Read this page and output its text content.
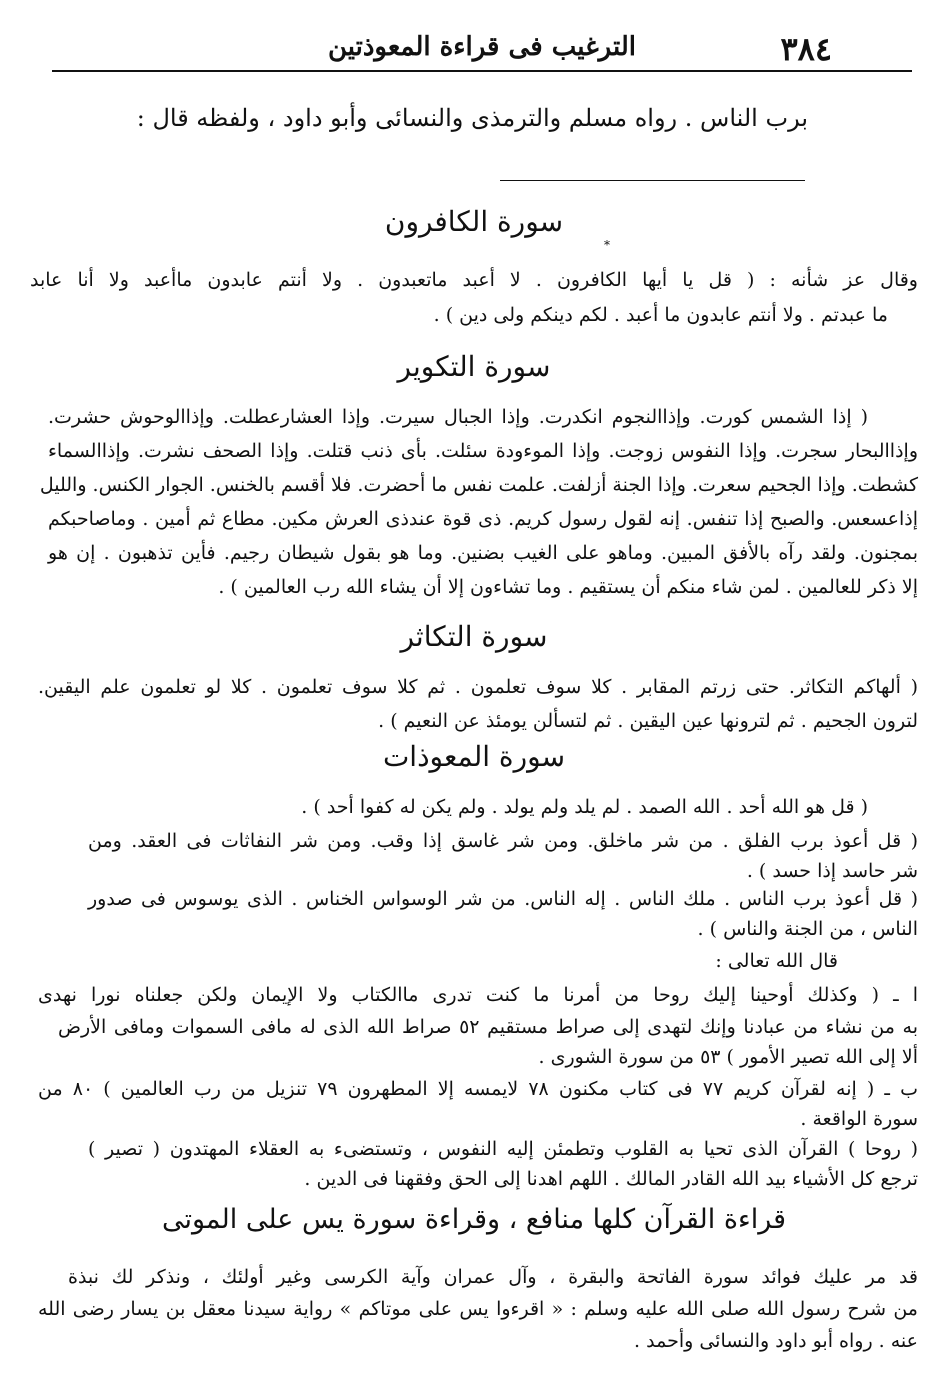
٣٨٤
الترغيب فى قراءة المعوذتين

برب الناس . رواه مسلم والترمذى والنسائى وأبو داود ، ولفظه قال :

سورة الكافرون
*
وقال عز شأنه : ( قل يا أيها الكافرون . لا أعبد ماتعبدون . ولا أنتم عابدون ماأعبد ولا أنا عابد
ما عبدتم . ولا أنتم عابدون ما أعبد . لكم دينكم ولى دين ) .
سورة التكوير
( إذا الشمس كورت. وإذاالنجوم انكدرت. وإذا الجبال سيرت. وإذا العشارعطلت. وإذاالوحوش حشرت.
وإذاالبحار سجرت. وإذا النفوس زوجت. وإذا الموءودة سئلت. بأى ذنب قتلت. وإذا الصحف نشرت. وإذاالسماء
كشطت. وإذا الجحيم سعرت. وإذا الجنة أزلفت. علمت نفس ما أحضرت. فلا أقسم بالخنس. الجوار الكنس. والليل
إذاعسعس. والصبح إذا تنفس. إنه لقول رسول كريم. ذى قوة عندذى العرش مكين. مطاع ثم أمين . وماصاحبكم
بمجنون. ولقد رآه بالأفق المبين. وماهو على الغيب بضنين. وما هو بقول شيطان رجيم. فأين تذهبون . إن هو
إلا ذكر للعالمين . لمن شاء منكم أن يستقيم . وما تشاءون إلا أن يشاء الله رب العالمين ) .
سورة التكاثر
( ألهاكم التكاثر. حتى زرتم المقابر . كلا سوف تعلمون . ثم كلا سوف تعلمون . كلا لو تعلمون علم اليقين.
لترون الجحيم . ثم لترونها عين اليقين . ثم لتسألن يومئذ عن النعيم ) .
سورة المعوذات
( قل هو الله أحد . الله الصمد . لم يلد ولم يولد . ولم يكن له كفوا أحد ) .
( قل أعوذ برب الفلق . من شر ماخلق. ومن شر غاسق إذا وقب. ومن شر النفاثات فى العقد. ومن
شر حاسد إذا حسد ) .
( قل أعوذ برب الناس . ملك الناس . إله الناس. من شر الوسواس الخناس . الذى يوسوس فى صدور
الناس ، من الجنة والناس ) .
قال الله تعالى :
ا ـ ( وكذلك أوحينا إليك روحا من أمرنا ما كنت تدرى ماالكتاب ولا الإيمان ولكن جعلناه نورا نهدى
به من نشاء من عبادنا وإنك لتهدى إلى صراط مستقيم ٥٢ صراط الله الذى له مافى السموات ومافى الأرض
ألا إلى الله تصير الأمور ) ٥٣ من سورة الشورى .
ب ـ ( إنه لقرآن كريم ٧٧ فى كتاب مكنون ٧٨ لايمسه إلا المطهرون ٧٩ تنزيل من رب العالمين ) ٨٠ من
سورة الواقعة .
( روحا ) القرآن الذى تحيا به القلوب وتطمئن إليه النفوس ، وتستضىء به العقلاء المهتدون ( تصير )
ترجع كل الأشياء بيد الله القادر المالك . اللهم اهدنا إلى الحق وفقهنا فى الدين .
قراءة القرآن كلها منافع ، وقراءة سورة يس على الموتى
قد مر عليك فوائد سورة الفاتحة والبقرة ، وآل عمران وآية الكرسى وغير أولئك ، ونذكر لك نبذة
من شرح رسول الله صلى الله عليه وسلم : « اقرءوا يس على موتاكم » رواية سيدنا معقل بن يسار رضى الله
عنه . رواه أبو داود والنسائى وأحمد .
